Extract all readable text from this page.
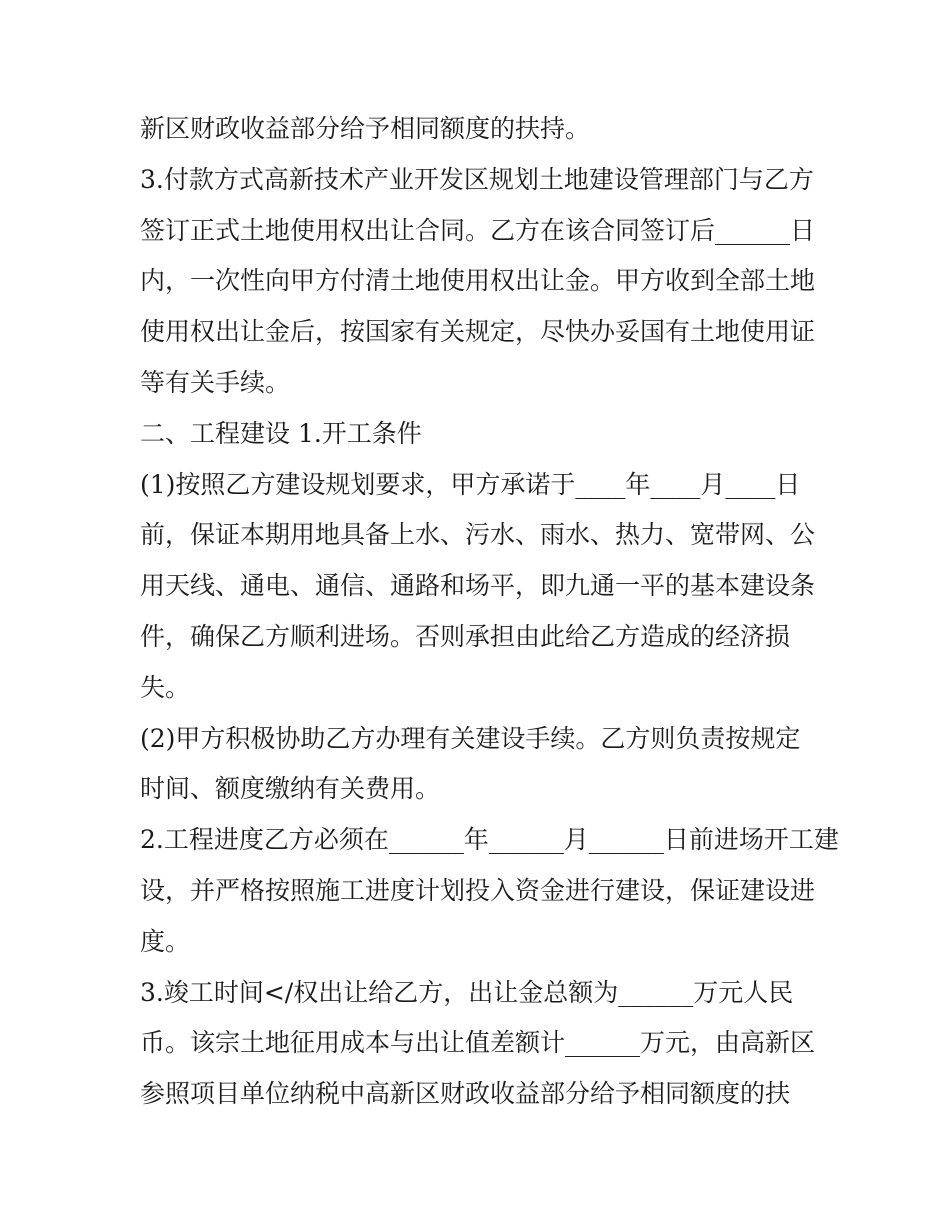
新区财政收益部分给予相同额度的扶持。
3.付款方式高新技术产业开发区规划土地建设管理部门与乙方
签订正式土地使用权出让合同。乙方在该合同签订后______日
内，一次性向甲方付清土地使用权出让金。甲方收到全部土地
使用权出让金后，按国家有关规定，尽快办妥国有土地使用证
等有关手续。
二、工程建设 1.开工条件
(1)按照乙方建设规划要求，甲方承诺于____年____月____日
前，保证本期用地具备上水、污水、雨水、热力、宽带网、公
用天线、通电、通信、通路和场平，即九通一平的基本建设条
件，确保乙方顺利进场。否则承担由此给乙方造成的经济损
失。
(2)甲方积极协助乙方办理有关建设手续。乙方则负责按规定
时间、额度缴纳有关费用。
2.工程进度乙方必须在______年______月______日前进场开工建
设，并严格按照施工进度计划投入资金进行建设，保证建设进
度。
3.竣工时间</权出让给乙方，出让金总额为______万元人民
币。该宗土地征用成本与出让值差额计______万元，由高新区
参照项目单位纳税中高新区财政收益部分给予相同额度的扶
